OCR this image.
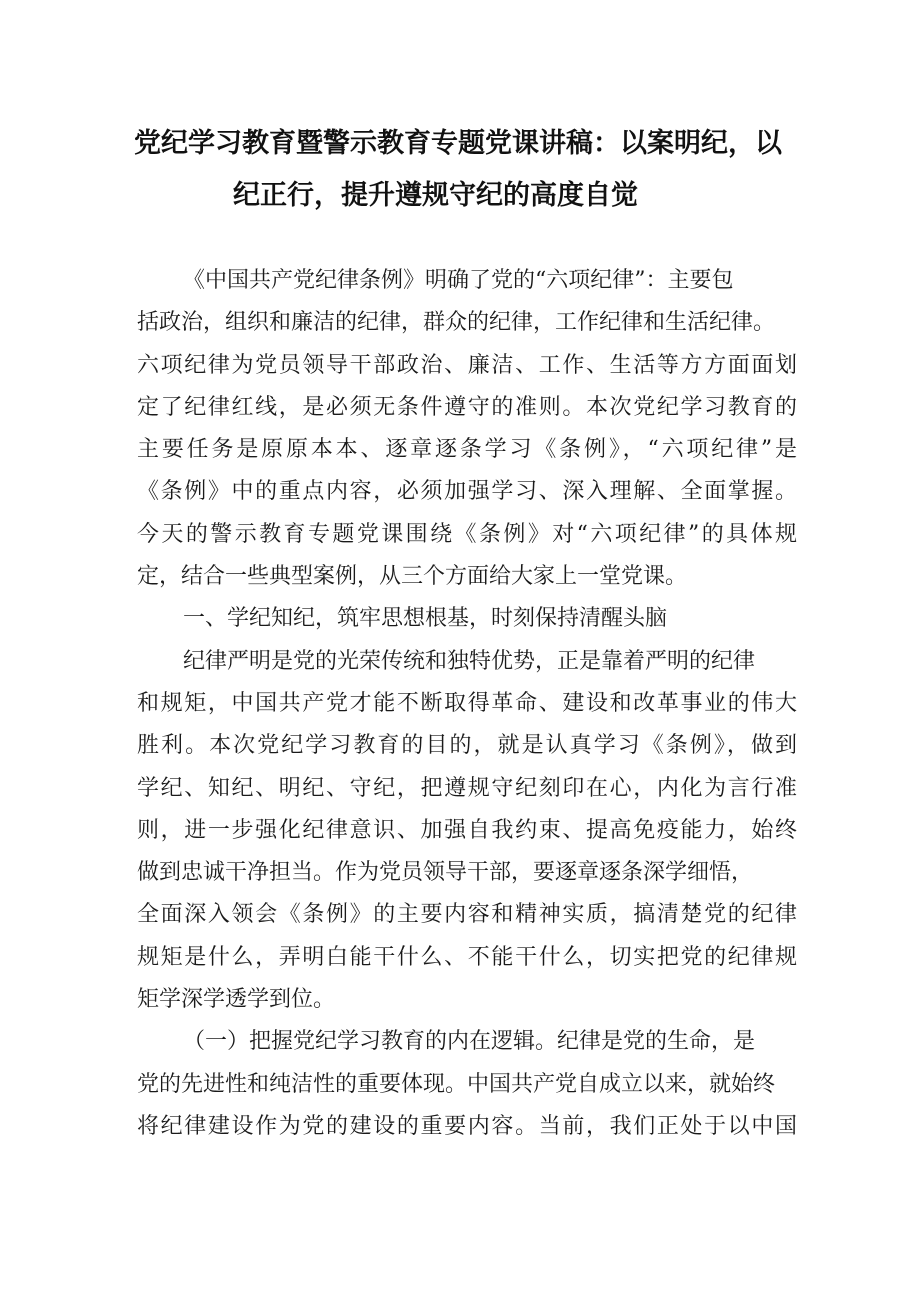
党纪学习教育暨警示教育专题党课讲稿：以案明纪，以
纪正行，提升遵规守纪的高度自觉
《中国共产党纪律条例》明确了党的“六项纪律”：主要包
括政治，组织和廉洁的纪律，群众的纪律，工作纪律和生活纪律。
六项纪律为党员领导干部政治、廉洁、工作、生活等方方面面划
定了纪律红线，是必须无条件遵守的准则。本次党纪学习教育的
主要任务是原原本本、逐章逐条学习《条例》，“六项纪律”是
《条例》中的重点内容，必须加强学习、深入理解、全面掌握。
今天的警示教育专题党课围绕《条例》对“六项纪律”的具体规
定，结合一些典型案例，从三个方面给大家上一堂党课。
一、学纪知纪，筑牢思想根基，时刻保持清醒头脑
纪律严明是党的光荣传统和独特优势，正是靠着严明的纪律
和规矩，中国共产党才能不断取得革命、建设和改革事业的伟大
胜利。本次党纪学习教育的目的，就是认真学习《条例》，做到
学纪、知纪、明纪、守纪，把遵规守纪刻印在心，内化为言行准
则，进一步强化纪律意识、加强自我约束、提高免疫能力，始终
做到忠诚干净担当。作为党员领导干部，要逐章逐条深学细悟，
全面深入领会《条例》的主要内容和精神实质，搞清楚党的纪律
规矩是什么，弄明白能干什么、不能干什么，切实把党的纪律规
矩学深学透学到位。
（一）把握党纪学习教育的内在逻辑。纪律是党的生命，是
党的先进性和纯洁性的重要体现。中国共产党自成立以来，就始终
将纪律建设作为党的建设的重要内容。当前，我们正处于以中国
